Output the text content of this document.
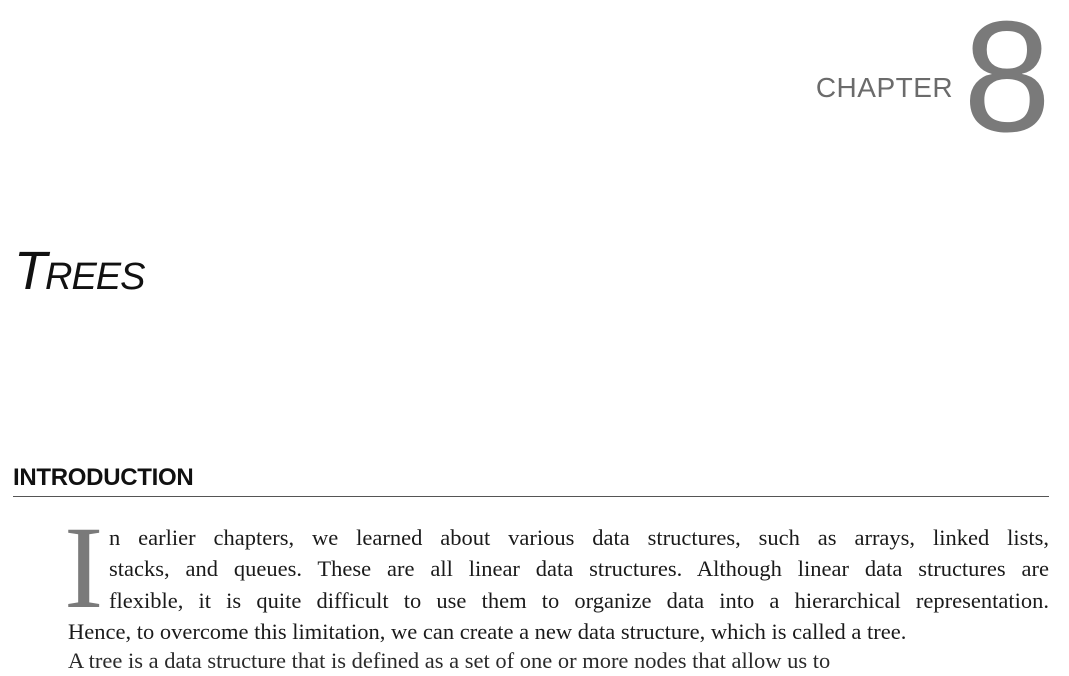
CHAPTER 8
TREES
INTRODUCTION
I n earlier chapters, we learned about various data structures, such as arrays, linked lists,
stacks, and queues. These are all linear data structures. Although linear data structures are
flexible, it is quite difficult to use them to organize data into a hierarchical representation.
Hence, to overcome this limitation, we can create a new data structure, which is called a tree.
A tree is a data structure that is defined as a set of one or more nodes that allow us to
